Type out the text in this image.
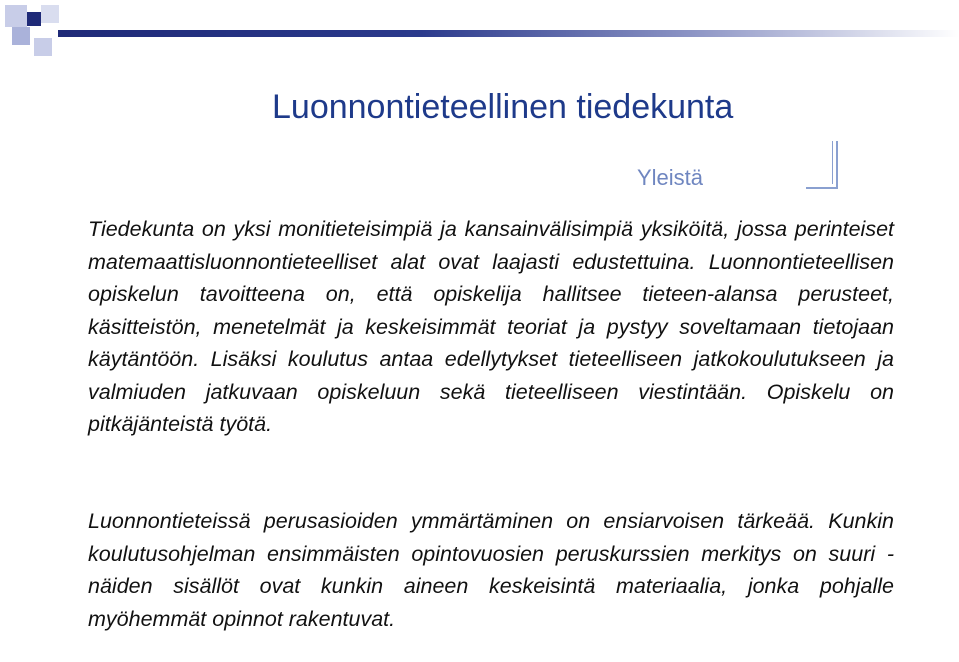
Luonnontieteellinen tiedekunta
Yleistä

Tiedekunta on yksi monitieteisimpiä ja kansainvälisimpiä yksiköitä, jossa perinteiset matemaattisluonnontieteelliset alat ovat laajasti edustettuina. Luonnontieteellisen opiskelun tavoitteena on, että opiskelija hallitsee tieteen-alansa perusteet, käsitteistön, menetelmät ja keskeisimmät teoriat ja pystyy soveltamaan tietojaan käytäntöön. Lisäksi koulutus antaa edellytykset tieteelliseen jatkokoulutukseen ja valmiuden jatkuvaan opiskeluun sekä tieteelliseen viestintään. Opiskelu on pitkäjänteistä työtä.

Luonnontieteissä perusasioiden ymmärtäminen on ensiarvoisen tärkeää. Kunkin koulutusohjelman ensimmäisten opintovuosien peruskurssien merkitys on suuri - näiden sisällöt ovat kunkin aineen keskeisintä materiaalia, jonka pohjalle myöhemmät opinnot rakentuvat.
